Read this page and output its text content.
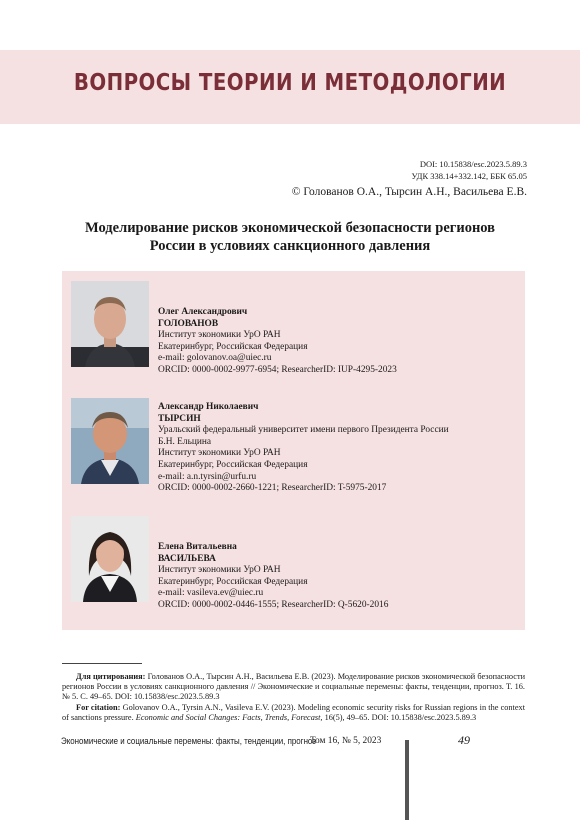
ВОПРОСЫ ТЕОРИИ И МЕТОДОЛОГИИ
DOI: 10.15838/esc.2023.5.89.3
УДК 338.14+332.142, ББК 65.05
© Голованов О.А., Тырсин А.Н., Васильева Е.В.
Моделирование рисков экономической безопасности регионов
России в условиях санкционного давления
Олег Александрович
ГОЛОВАНОВ
Институт экономики УрО РАН
Екатеринбург, Российская Федерация
e-mail: golovanov.oa@uiec.ru
ORCID: 0000-0002-9977-6954; ResearcherID: IUP-4295-2023
Александр Николаевич
ТЫРСИН
Уральский федеральный университет имени первого Президента России
Б.Н. Ельцина
Институт экономики УрО РАН
Екатеринбург, Российская Федерация
e-mail: a.n.tyrsin@urfu.ru
ORCID: 0000-0002-2660-1221; ResearcherID: T-5975-2017
Елена Витальевна
ВАСИЛЬЕВА
Институт экономики УрО РАН
Екатеринбург, Российская Федерация
e-mail: vasileva.ev@uiec.ru
ORCID: 0000-0002-0446-1555; ResearcherID: Q-5620-2016
Для цитирования: Голованов О.А., Тырсин А.Н., Васильева Е.В. (2023). Моделирование рисков экономической безопасности регионов России в условиях санкционного давления // Экономические и социальные перемены: факты, тенденции, прогноз. Т. 16. № 5. С. 49–65. DOI: 10.15838/esc.2023.5.89.3
For citation: Golovanov O.A., Tyrsin A.N., Vasileva E.V. (2023). Modeling economic security risks for Russian regions in the context of sanctions pressure. Economic and Social Changes: Facts, Trends, Forecast, 16(5), 49–65. DOI: 10.15838/esc.2023.5.89.3
Экономические и социальные перемены: факты, тенденции, прогноз
Том 16, № 5, 2023	49
